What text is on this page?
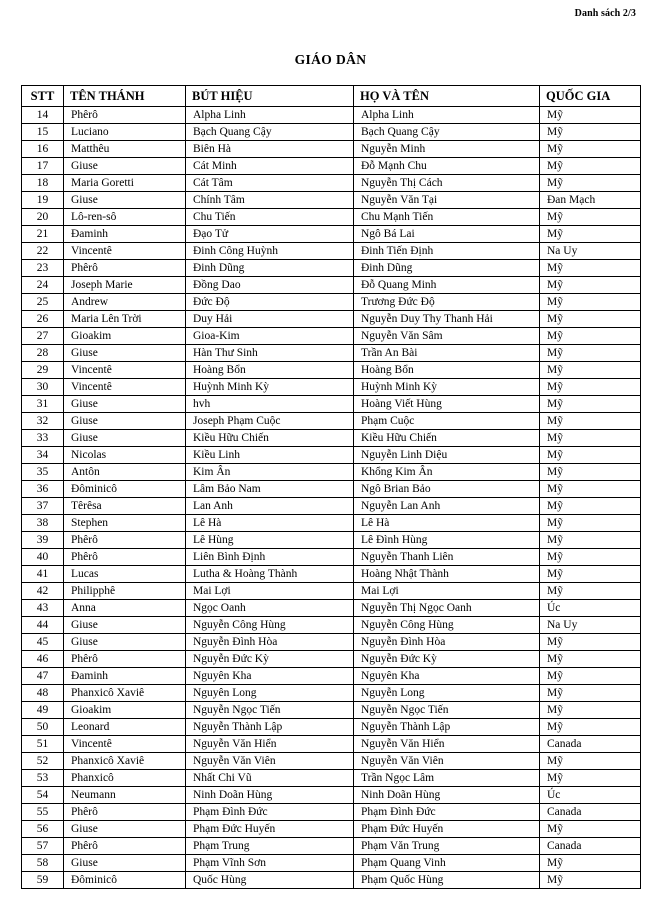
Danh sách 2/3
GIÁO DÂN
STT	TÊN THÁNH	BÚT HIỆU	HỌ VÀ TÊN	QUỐC GIA
14	Phêrô	Alpha Linh	Alpha Linh	Mỹ
15	Luciano	Bạch Quang Cậy	Bạch Quang Cậy	Mỹ
16	Matthêu	Biên Hà	Nguyễn Minh	Mỹ
17	Giuse	Cát Minh	Đỗ Mạnh Chu	Mỹ
18	Maria Goretti	Cát Tâm	Nguyễn Thị Cách	Mỹ
19	Giuse	Chính Tâm	Nguyễn Văn Tại	Đan Mạch
20	Lô-ren-sô	Chu Tiến	Chu Mạnh Tiến	Mỹ
21	Đaminh	Đạo Tử	Ngô Bá Lai	Mỹ
22	Vincentê	Đinh Công Huỳnh	Đinh Tiến Định	Na Uy
23	Phêrô	Đinh Dũng	Đinh Dũng	Mỹ
24	Joseph Marie	Đồng Dao	Đỗ Quang Minh	Mỹ
25	Andrew	Đức Độ	Trương Đức Độ	Mỹ
26	Maria Lên Trời	Duy Hải	Nguyễn Duy Thy Thanh Hải	Mỹ
27	Gioakim	Gioa-Kim	Nguyễn Văn Sâm	Mỹ
28	Giuse	Hàn Thư Sinh	Trần An Bài	Mỹ
29	Vincentê	Hoàng Bổn	Hoàng Bổn	Mỹ
30	Vincentê	Huỳnh Minh Kỳ	Huỳnh Minh Kỳ	Mỹ
31	Giuse	hvh	Hoàng Viết Hùng	Mỹ
32	Giuse	Joseph Phạm Cuộc	Phạm Cuộc	Mỹ
33	Giuse	Kiều Hữu Chiến	Kiều Hữu Chiến	Mỹ
34	Nicolas	Kiều Linh	Nguyễn Linh Diệu	Mỹ
35	Antôn	Kim Ân	Khổng Kim Ân	Mỹ
36	Đôminicô	Lâm Bảo Nam	Ngô Brian Bảo	Mỹ
37	Têrêsa	Lan Anh	Nguyễn Lan Anh	Mỹ
38	Stephen	Lê Hà	Lê Hà	Mỹ
39	Phêrô	Lê Hùng	Lê Đình Hùng	Mỹ
40	Phêrô	Liên Bình Định	Nguyễn Thanh Liên	Mỹ
41	Lucas	Lutha & Hoàng Thành	Hoàng Nhật Thành	Mỹ
42	Philipphê	Mai Lợi	Mai Lợi	Mỹ
43	Anna	Ngọc Oanh	Nguyễn Thị Ngọc Oanh	Úc
44	Giuse	Nguyễn Công Hùng	Nguyễn Công Hùng	Na Uy
45	Giuse	Nguyễn Đình Hòa	Nguyễn Đình Hòa	Mỹ
46	Phêrô	Nguyễn Đức Kỳ	Nguyễn Đức Kỳ	Mỹ
47	Đaminh	Nguyên Kha	Nguyên Kha	Mỹ
48	Phanxicô Xaviê	Nguyên Long	Nguyễn Long	Mỹ
49	Gioakim	Nguyễn Ngọc Tiến	Nguyễn Ngọc Tiến	Mỹ
50	Leonard	Nguyễn Thành Lập	Nguyễn Thành Lập	Mỹ
51	Vincentê	Nguyễn Văn Hiển	Nguyễn Văn Hiển	Canada
52	Phanxicô Xaviê	Nguyễn Văn Viên	Nguyễn Văn Viên	Mỹ
53	Phanxicô	Nhất Chi Vũ	Trần Ngọc Lâm	Mỹ
54	Neumann	Ninh Doãn Hùng	Ninh Doãn Hùng	Úc
55	Phêrô	Phạm Đình Đức	Phạm Đình Đức	Canada
56	Giuse	Phạm Đức Huyến	Phạm Đức Huyến	Mỹ
57	Phêrô	Phạm Trung	Phạm Văn Trung	Canada
58	Giuse	Phạm Vĩnh Sơn	Phạm Quang Vinh	Mỹ
59	Đôminicô	Quốc Hùng	Phạm Quốc Hùng	Mỹ
